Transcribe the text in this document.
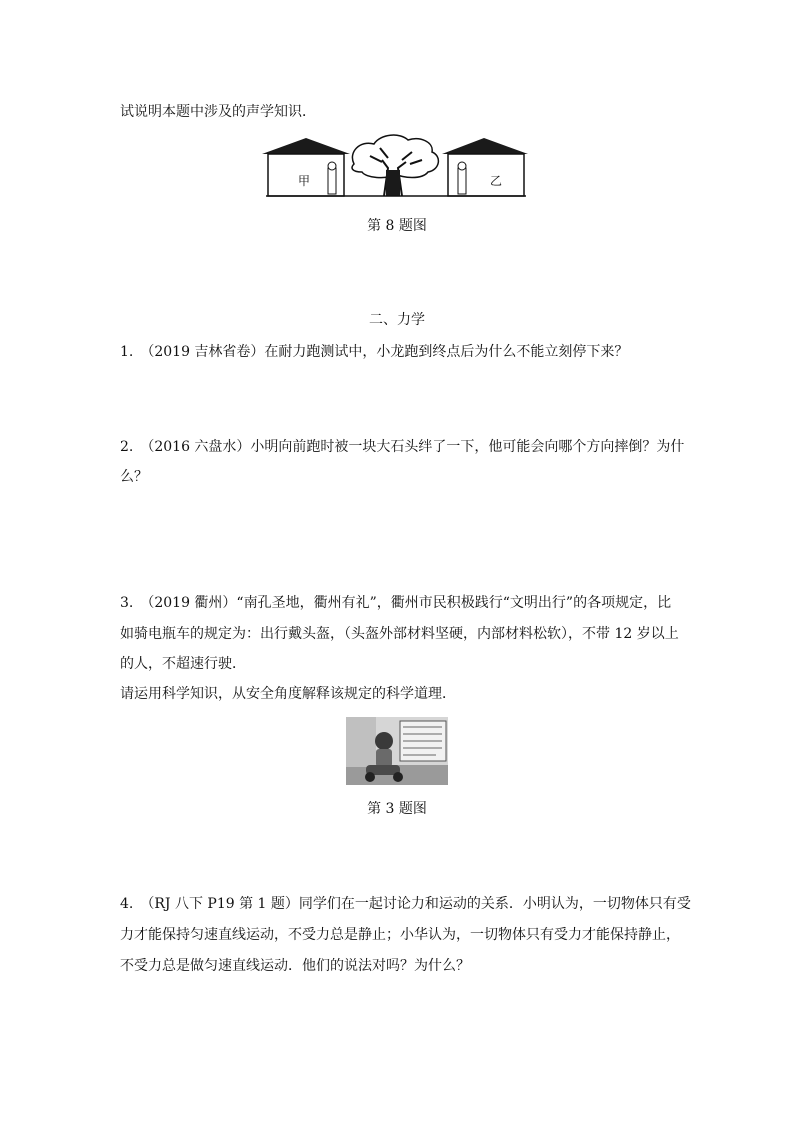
试说明本题中涉及的声学知识．
甲	乙
第 8 题图
二、力学
1.　（2019 吉林省卷）在耐力跑测试中，小龙跑到终点后为什么不能立刻停下来？
2.　（2016 六盘水）小明向前跑时被一块大石头绊了一下，他可能会向哪个方向摔倒？为什
么？
3.　（2019 衢州）“南孔圣地，衢州有礼”，衢州市民积极践行“文明出行”的各项规定，比
如骑电瓶车的规定为：出行戴头盔，（头盔外部材料坚硬，内部材料松软），不带 12 岁以上
的人，不超速行驶．
请运用科学知识，从安全角度解释该规定的科学道理．
第 3 题图
4.　（RJ 八下 P19 第 1 题）同学们在一起讨论力和运动的关系．小明认为，一切物体只有受
力才能保持匀速直线运动，不受力总是静止；小华认为，一切物体只有受力才能保持静止，
不受力总是做匀速直线运动．他们的说法对吗？为什么？
